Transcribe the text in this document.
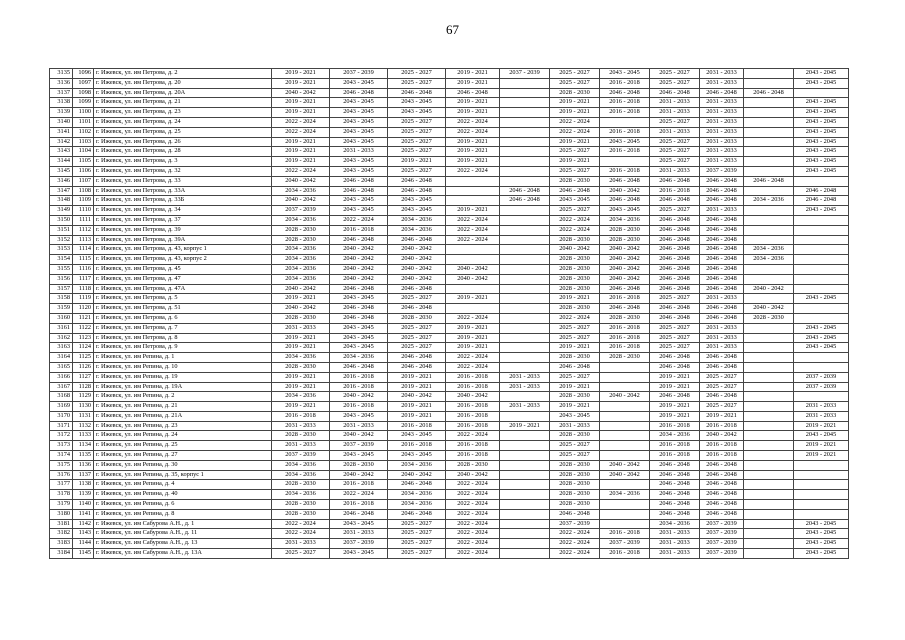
67
3135	1096	г. Ижевск, ул. им Петрова, д. 2	2019 - 2021	2037 - 2039	2025 - 2027	2019 - 2021	2037 - 2039	2025 - 2027	2043 - 2045	2025 - 2027	2031 - 2033		2043 - 2045
3136	1097	г. Ижевск, ул. им Петрова, д. 20	2019 - 2021	2043 - 2045	2025 - 2027	2019 - 2021		2025 - 2027	2016 - 2018	2025 - 2027	2031 - 2033		2043 - 2045
3137	1098	г. Ижевск, ул. им Петрова, д. 20А	2040 - 2042	2046 - 2048	2046 - 2048	2046 - 2048		2028 - 2030	2046 - 2048	2046 - 2048	2046 - 2048	2046 - 2048	
3138	1099	г. Ижевск, ул. им Петрова, д. 21	2019 - 2021	2043 - 2045	2043 - 2045	2019 - 2021		2019 - 2021	2016 - 2018	2031 - 2033	2031 - 2033		2043 - 2045
3139	1100	г. Ижевск, ул. им Петрова, д. 23	2019 - 2021	2043 - 2045	2043 - 2045	2019 - 2021		2019 - 2021	2016 - 2018	2031 - 2033	2031 - 2033		2043 - 2045
3140	1101	г. Ижевск, ул. им Петрова, д. 24	2022 - 2024	2043 - 2045	2025 - 2027	2022 - 2024		2022 - 2024		2025 - 2027	2031 - 2033		2043 - 2045
3141	1102	г. Ижевск, ул. им Петрова, д. 25	2022 - 2024	2043 - 2045	2025 - 2027	2022 - 2024		2022 - 2024	2016 - 2018	2031 - 2033	2031 - 2033		2043 - 2045
3142	1103	г. Ижевск, ул. им Петрова, д. 26	2019 - 2021	2043 - 2045	2025 - 2027	2019 - 2021		2019 - 2021	2043 - 2045	2025 - 2027	2031 - 2033		2043 - 2045
3143	1104	г. Ижевск, ул. им Петрова, д. 28	2019 - 2021	2031 - 2033	2025 - 2027	2019 - 2021		2025 - 2027	2016 - 2018	2025 - 2027	2031 - 2033		2043 - 2045
3144	1105	г. Ижевск, ул. им Петрова, д. 3	2019 - 2021	2043 - 2045	2019 - 2021	2019 - 2021		2019 - 2021		2025 - 2027	2031 - 2033		2043 - 2045
3145	1106	г. Ижевск, ул. им Петрова, д. 32	2022 - 2024	2043 - 2045	2025 - 2027	2022 - 2024		2025 - 2027	2016 - 2018	2031 - 2033	2037 - 2039		2043 - 2045
3146	1107	г. Ижевск, ул. им Петрова, д. 33	2040 - 2042	2046 - 2048	2046 - 2048			2028 - 2030	2046 - 2048	2046 - 2048	2046 - 2048	2046 - 2048	
3147	1108	г. Ижевск, ул. им Петрова, д. 33А	2034 - 2036	2046 - 2048	2046 - 2048		2046 - 2048	2046 - 2048	2040 - 2042	2016 - 2018	2046 - 2048		2046 - 2048
3148	1109	г. Ижевск, ул. им Петрова, д. 33Б	2040 - 2042	2043 - 2045	2043 - 2045		2046 - 2048	2043 - 2045	2046 - 2048	2046 - 2048	2046 - 2048	2034 - 2036	2046 - 2048
3149	1110	г. Ижевск, ул. им Петрова, д. 34	2037 - 2039	2043 - 2045	2043 - 2045	2019 - 2021		2025 - 2027	2043 - 2045	2025 - 2027	2031 - 2033		2043 - 2045
3150	1111	г. Ижевск, ул. им Петрова, д. 37	2034 - 2036	2022 - 2024	2034 - 2036	2022 - 2024		2022 - 2024	2034 - 2036	2046 - 2048	2046 - 2048		
3151	1112	г. Ижевск, ул. им Петрова, д. 39	2028 - 2030	2016 - 2018	2034 - 2036	2022 - 2024		2022 - 2024	2028 - 2030	2046 - 2048	2046 - 2048		
3152	1113	г. Ижевск, ул. им Петрова, д. 39А	2028 - 2030	2046 - 2048	2046 - 2048	2022 - 2024		2028 - 2030	2028 - 2030	2046 - 2048	2046 - 2048		
3153	1114	г. Ижевск, ул. им Петрова, д. 43, корпус 1	2034 - 2036	2040 - 2042	2040 - 2042			2040 - 2042	2040 - 2042	2046 - 2048	2046 - 2048	2034 - 2036	
3154	1115	г. Ижевск, ул. им Петрова, д. 43, корпус 2	2034 - 2036	2040 - 2042	2040 - 2042			2028 - 2030	2040 - 2042	2046 - 2048	2046 - 2048	2034 - 2036	
3155	1116	г. Ижевск, ул. им Петрова, д. 45	2034 - 2036	2040 - 2042	2040 - 2042	2040 - 2042		2028 - 2030	2040 - 2042	2046 - 2048	2046 - 2048		
3156	1117	г. Ижевск, ул. им Петрова, д. 47	2034 - 2036	2040 - 2042	2040 - 2042	2040 - 2042		2028 - 2030	2040 - 2042	2046 - 2048	2046 - 2048		
3157	1118	г. Ижевск, ул. им Петрова, д. 47А	2040 - 2042	2046 - 2048	2046 - 2048			2028 - 2030	2046 - 2048	2046 - 2048	2046 - 2048	2040 - 2042	
3158	1119	г. Ижевск, ул. им Петрова, д. 5	2019 - 2021	2043 - 2045	2025 - 2027	2019 - 2021		2019 - 2021	2016 - 2018	2025 - 2027	2031 - 2033		2043 - 2045
3159	1120	г. Ижевск, ул. им Петрова, д. 51	2040 - 2042	2046 - 2048	2046 - 2048			2028 - 2030	2046 - 2048	2046 - 2048	2046 - 2048	2040 - 2042	
3160	1121	г. Ижевск, ул. им Петрова, д. 6	2028 - 2030	2046 - 2048	2028 - 2030	2022 - 2024		2022 - 2024	2028 - 2030	2046 - 2048	2046 - 2048	2028 - 2030	
3161	1122	г. Ижевск, ул. им Петрова, д. 7	2031 - 2033	2043 - 2045	2025 - 2027	2019 - 2021		2025 - 2027	2016 - 2018	2025 - 2027	2031 - 2033		2043 - 2045
3162	1123	г. Ижевск, ул. им Петрова, д. 8	2019 - 2021	2043 - 2045	2025 - 2027	2019 - 2021		2025 - 2027	2016 - 2018	2025 - 2027	2031 - 2033		2043 - 2045
3163	1124	г. Ижевск, ул. им Петрова, д. 9	2019 - 2021	2043 - 2045	2025 - 2027	2019 - 2021		2019 - 2021	2016 - 2018	2025 - 2027	2031 - 2033		2043 - 2045
3164	1125	г. Ижевск, ул. им Репина, д. 1	2034 - 2036	2034 - 2036	2046 - 2048	2022 - 2024		2028 - 2030	2028 - 2030	2046 - 2048	2046 - 2048		
3165	1126	г. Ижевск, ул. им Репина, д. 10	2028 - 2030	2046 - 2048	2046 - 2048	2022 - 2024		2046 - 2048		2046 - 2048	2046 - 2048		
3166	1127	г. Ижевск, ул. им Репина, д. 19	2019 - 2021	2016 - 2018	2019 - 2021	2016 - 2018	2031 - 2033	2025 - 2027		2019 - 2021	2025 - 2027		2037 - 2039
3167	1128	г. Ижевск, ул. им Репина, д. 19А	2019 - 2021	2016 - 2018	2019 - 2021	2016 - 2018	2031 - 2033	2019 - 2021		2019 - 2021	2025 - 2027		2037 - 2039
3168	1129	г. Ижевск, ул. им Репина, д. 2	2034 - 2036	2040 - 2042	2040 - 2042	2040 - 2042		2028 - 2030	2040 - 2042	2046 - 2048	2046 - 2048		
3169	1130	г. Ижевск, ул. им Репина, д. 21	2019 - 2021	2016 - 2018	2019 - 2021	2016 - 2018	2031 - 2033	2019 - 2021		2019 - 2021	2025 - 2027		2031 - 2033
3170	1131	г. Ижевск, ул. им Репина, д. 21А	2016 - 2018	2043 - 2045	2019 - 2021	2016 - 2018		2043 - 2045		2019 - 2021	2019 - 2021		2031 - 2033
3171	1132	г. Ижевск, ул. им Репина, д. 23	2031 - 2033	2031 - 2033	2016 - 2018	2016 - 2018	2019 - 2021	2031 - 2033		2016 - 2018	2016 - 2018		2019 - 2021
3172	1133	г. Ижевск, ул. им Репина, д. 24	2028 - 2030	2040 - 2042	2043 - 2045	2022 - 2024		2028 - 2030		2034 - 2036	2040 - 2042		2043 - 2045
3173	1134	г. Ижевск, ул. им Репина, д. 25	2031 - 2033	2037 - 2039	2016 - 2018	2016 - 2018		2025 - 2027		2016 - 2018	2016 - 2018		2019 - 2021
3174	1135	г. Ижевск, ул. им Репина, д. 27	2037 - 2039	2043 - 2045	2043 - 2045	2016 - 2018		2025 - 2027		2016 - 2018	2016 - 2018		2019 - 2021
3175	1136	г. Ижевск, ул. им Репина, д. 30	2034 - 2036	2028 - 2030	2034 - 2036	2028 - 2030		2028 - 2030	2040 - 2042	2046 - 2048	2046 - 2048		
3176	1137	г. Ижевск, ул. им Репина, д. 35, корпус 1	2034 - 2036	2040 - 2042	2040 - 2042	2040 - 2042		2028 - 2030	2040 - 2042	2046 - 2048	2046 - 2048		
3177	1138	г. Ижевск, ул. им Репина, д. 4	2028 - 2030	2016 - 2018	2046 - 2048	2022 - 2024		2028 - 2030		2046 - 2048	2046 - 2048		
3178	1139	г. Ижевск, ул. им Репина, д. 40	2034 - 2036	2022 - 2024	2034 - 2036	2022 - 2024		2028 - 2030	2034 - 2036	2046 - 2048	2046 - 2048		
3179	1140	г. Ижевск, ул. им Репина, д. 6	2028 - 2030	2016 - 2018	2034 - 2036	2022 - 2024		2028 - 2030		2046 - 2048	2046 - 2048		
3180	1141	г. Ижевск, ул. им Репина, д. 8	2028 - 2030	2046 - 2048	2046 - 2048	2022 - 2024		2046 - 2048		2046 - 2048	2046 - 2048		
3181	1142	г. Ижевск, ул. им Сабурова А.Н., д. 1	2022 - 2024	2043 - 2045	2025 - 2027	2022 - 2024		2037 - 2039		2034 - 2036	2037 - 2039		2043 - 2045
3182	1143	г. Ижевск, ул. им Сабурова А.Н., д. 11	2022 - 2024	2031 - 2033	2025 - 2027	2022 - 2024		2022 - 2024	2016 - 2018	2031 - 2033	2037 - 2039		2043 - 2045
3183	1144	г. Ижевск, ул. им Сабурова А.Н., д. 13	2031 - 2033	2037 - 2039	2025 - 2027	2022 - 2024		2022 - 2024	2037 - 2039	2031 - 2033	2037 - 2039		2043 - 2045
3184	1145	г. Ижевск, ул. им Сабурова А.Н., д. 13А	2025 - 2027	2043 - 2045	2025 - 2027	2022 - 2024		2022 - 2024	2016 - 2018	2031 - 2033	2037 - 2039		2043 - 2045
